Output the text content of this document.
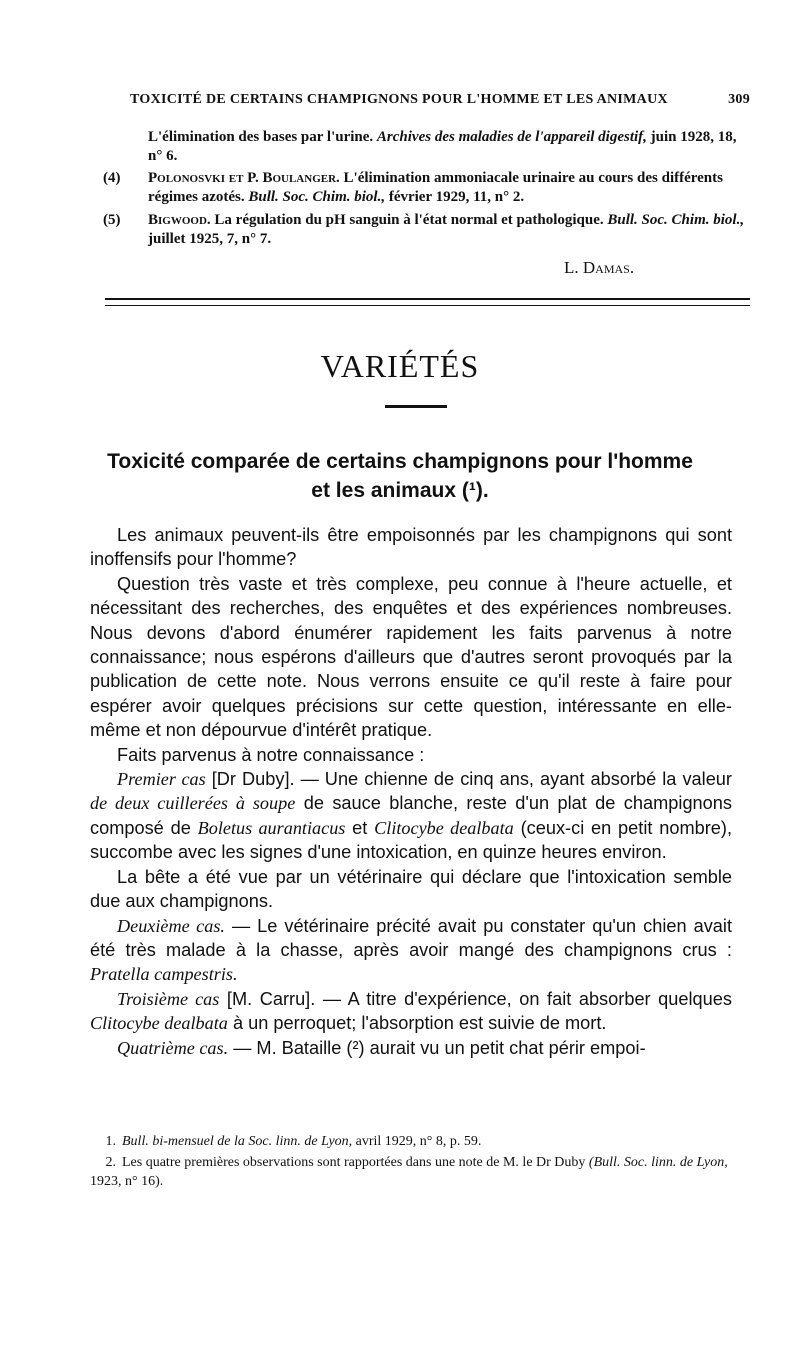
TOXICITÉ DE CERTAINS CHAMPIGNONS POUR L'HOMME ET LES ANIMAUX	309
L'élimination des bases par l'urine. Archives des maladies de l'appareil digestif, juin 1928, 18, n° 6.
(4) Polonosvki et P. Boulanger. L'élimination ammoniacale urinaire au cours des différents régimes azotés. Bull. Soc. Chim. biol., février 1929, 11, n° 2.
(5) Bigwood. La régulation du pH sanguin à l'état normal et pathologique. Bull. Soc. Chim. biol., juillet 1925, 7, n° 7.
L. Damas.
VARIÉTÉS
Toxicité comparée de certains champignons pour l'homme
et les animaux (¹).

Les animaux peuvent-ils être empoisonnés par les champignons qui sont inoffensifs pour l'homme?

Question très vaste et très complexe, peu connue à l'heure actuelle, et nécessitant des recherches, des enquêtes et des expériences nombreuses. Nous devons d'abord énumérer rapidement les faits parvenus à notre connaissance; nous espérons d'ailleurs que d'autres seront provoqués par la publication de cette note. Nous verrons ensuite ce qu'il reste à faire pour espérer avoir quelques précisions sur cette question, intéressante en elle-même et non dépourvue d'intérêt pratique.

Faits parvenus à notre connaissance :

Premier cas [Dr Duby]. — Une chienne de cinq ans, ayant absorbé la valeur de deux cuillerées à soupe de sauce blanche, reste d'un plat de champignons composé de Boletus aurantiacus et Clitocybe dealbata (ceux-ci en petit nombre), succombe avec les signes d'une intoxication, en quinze heures environ.

La bête a été vue par un vétérinaire qui déclare que l'intoxication semble due aux champignons.

Deuxième cas. — Le vétérinaire précité avait pu constater qu'un chien avait été très malade à la chasse, après avoir mangé des champignons crus : Pratella campestris.

Troisième cas [M. Carru]. — A titre d'expérience, on fait absorber quelques Clitocybe dealbata à un perroquet; l'absorption est suivie de mort.

Quatrième cas. — M. Bataille (²) aurait vu un petit chat périr empoi-

1. Bull. bi-mensuel de la Soc. linn. de Lyon, avril 1929, n° 8, p. 59.

2. Les quatre premières observations sont rapportées dans une note de M. le Dr Duby (Bull. Soc. linn. de Lyon, 1923, n° 16).
